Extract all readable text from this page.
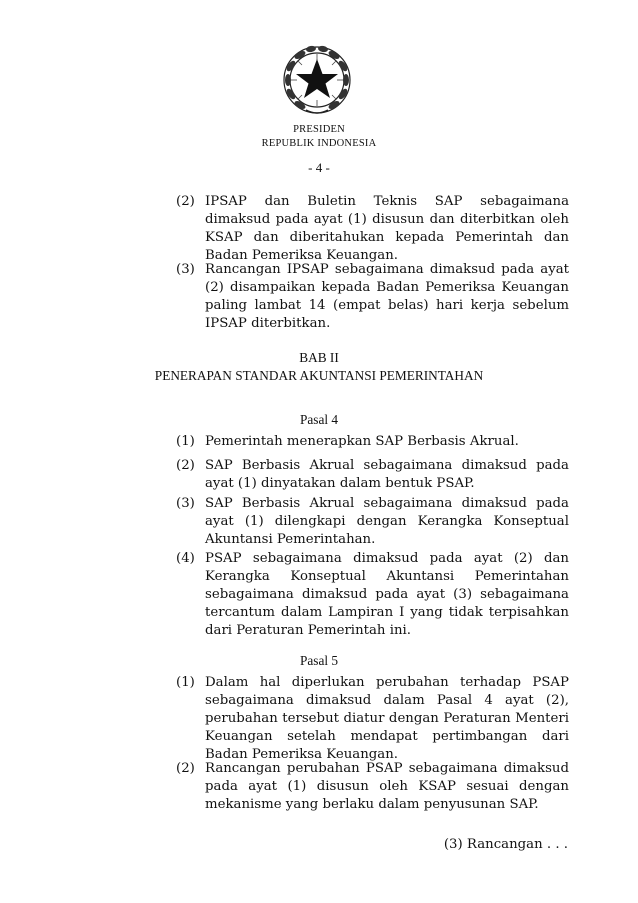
PRESIDEN
REPUBLIK INDONESIA
- 4 -
(2) IPSAP dan Buletin Teknis SAP sebagaimana dimaksud pada ayat (1) disusun dan diterbitkan oleh KSAP dan diberitahukan kepada Pemerintah dan Badan Pemeriksa Keuangan.
(3) Rancangan IPSAP sebagaimana dimaksud pada ayat (2) disampaikan kepada Badan Pemeriksa Keuangan paling lambat 14 (empat belas) hari kerja sebelum IPSAP diterbitkan.
BAB II
PENERAPAN STANDAR AKUNTANSI PEMERINTAHAN
Pasal 4
(1) Pemerintah menerapkan SAP Berbasis Akrual.
(2) SAP Berbasis Akrual sebagaimana dimaksud pada ayat (1) dinyatakan dalam bentuk PSAP.
(3) SAP Berbasis Akrual sebagaimana dimaksud pada ayat (1) dilengkapi dengan Kerangka Konseptual Akuntansi Pemerintahan.
(4) PSAP sebagaimana dimaksud pada ayat (2) dan Kerangka Konseptual Akuntansi Pemerintahan sebagaimana dimaksud pada ayat (3) sebagaimana tercantum dalam Lampiran I yang tidak terpisahkan dari Peraturan Pemerintah ini.
Pasal 5
(1) Dalam hal diperlukan perubahan terhadap PSAP sebagaimana dimaksud dalam Pasal 4 ayat (2), perubahan tersebut diatur dengan Peraturan Menteri Keuangan setelah mendapat pertimbangan dari Badan Pemeriksa Keuangan.
(2) Rancangan perubahan PSAP sebagaimana dimaksud pada ayat (1) disusun oleh KSAP sesuai dengan mekanisme yang berlaku dalam penyusunan SAP.
(3) Rancangan . . .
